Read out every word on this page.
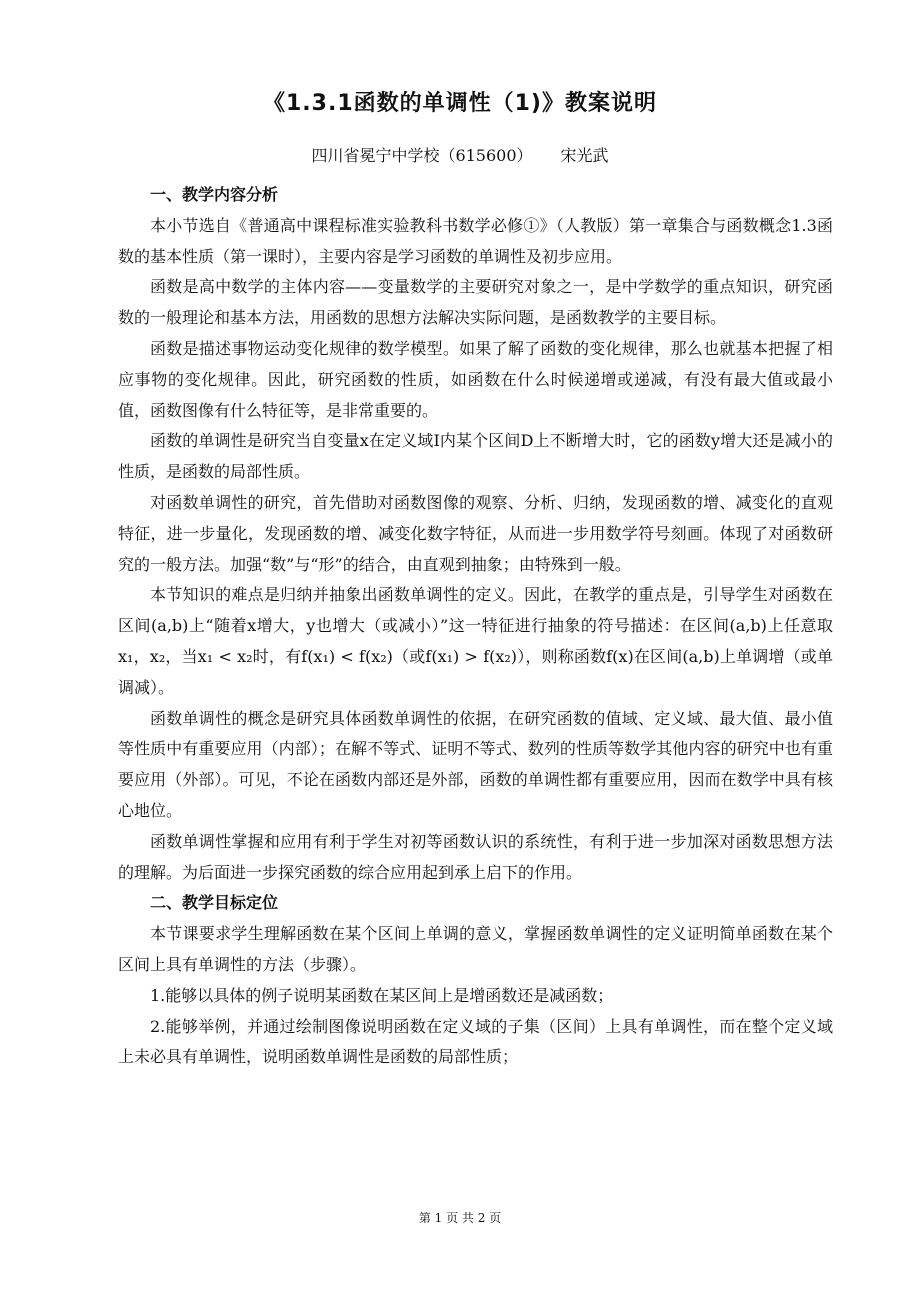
《1.3.1函数的单调性（1)》教案说明
四川省冕宁中学校（615600） 宋光武
一、教学内容分析

本小节选自《普通高中课程标准实验教科书数学必修①》（人教版）第一章集合与函数概念1.3函数的基本性质（第一课时），主要内容是学习函数的单调性及初步应用。

函数是高中数学的主体内容——变量数学的主要研究对象之一，是中学数学的重点知识，研究函数的一般理论和基本方法，用函数的思想方法解决实际问题，是函数教学的主要目标。

函数是描述事物运动变化规律的数学模型。如果了解了函数的变化规律，那么也就基本把握了相应事物的变化规律。因此，研究函数的性质，如函数在什么时候递增或递减，有没有最大值或最小值，函数图像有什么特征等，是非常重要的。

函数的单调性是研究当自变量x在定义域I内某个区间D上不断增大时，它的函数y增大还是减小的性质，是函数的局部性质。

对函数单调性的研究，首先借助对函数图像的观察、分析、归纳，发现函数的增、减变化的直观特征，进一步量化，发现函数的增、减变化数字特征，从而进一步用数学符号刻画。体现了对函数研究的一般方法。加强“数”与“形”的结合，由直观到抽象；由特殊到一般。

本节知识的难点是归纳并抽象出函数单调性的定义。因此，在教学的重点是，引导学生对函数在区间(a,b)上“随着x增大，y也增大（或减小）”这一特征进行抽象的符号描述：在区间(a,b)上任意取x₁，x₂，当x₁ < x₂时，有f(x₁) < f(x₂)（或f(x₁) > f(x₂)），则称函数f(x)在区间(a,b)上单调增（或单调减）。

函数单调性的概念是研究具体函数单调性的依据，在研究函数的值域、定义域、最大值、最小值等性质中有重要应用（内部）；在解不等式、证明不等式、数列的性质等数学其他内容的研究中也有重要应用（外部）。可见，不论在函数内部还是外部，函数的单调性都有重要应用，因而在数学中具有核心地位。

函数单调性掌握和应用有利于学生对初等函数认识的系统性，有利于进一步加深对函数思想方法的理解。为后面进一步探究函数的综合应用起到承上启下的作用。

二、教学目标定位

本节课要求学生理解函数在某个区间上单调的意义，掌握函数单调性的定义证明简单函数在某个区间上具有单调性的方法（步骤）。

1.能够以具体的例子说明某函数在某区间上是增函数还是减函数；

2.能够举例，并通过绘制图像说明函数在定义域的子集（区间）上具有单调性，而在整个定义域上未必具有单调性，说明函数单调性是函数的局部性质；

第 1 页 共 2 页
